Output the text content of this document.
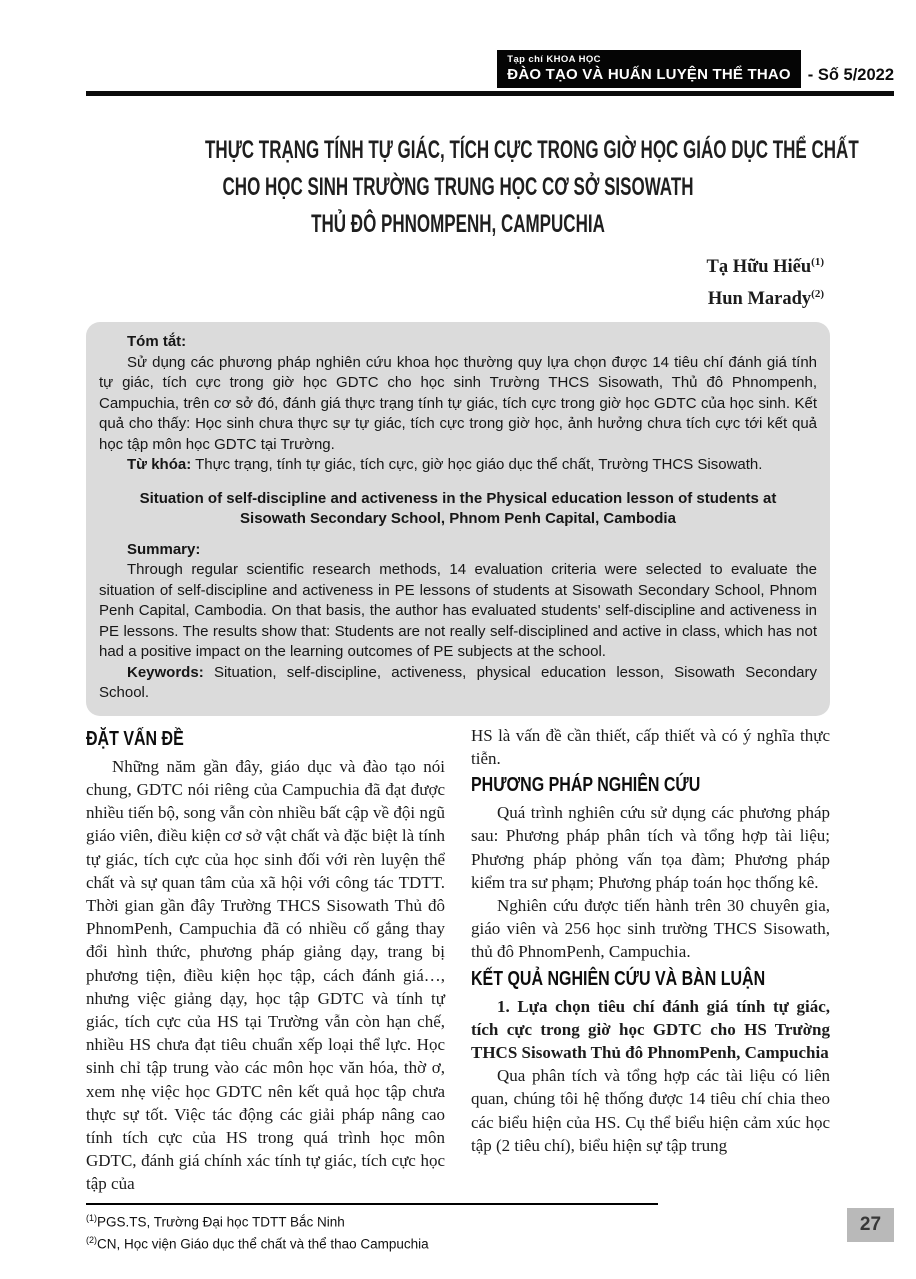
Tạp chí KHOA HỌC
ĐÀO TẠO VÀ HUẤN LUYỆN THỂ THAO - Số 5/2022
THỰC TRẠNG TÍNH TỰ GIÁC, TÍCH CỰC TRONG GIỜ HỌC GIÁO DỤC THỂ CHẤT
CHO HỌC SINH TRƯỜNG TRUNG HỌC CƠ SỞ SISOWATH
THỦ ĐÔ PHNOMPENH, CAMPUCHIA
Tạ Hữu Hiếu$^{(1)}$
Hun Marady$^{(2)}$

Tóm tắt:

Sử dụng các phương pháp nghiên cứu khoa học thường quy lựa chọn được 14 tiêu chí đánh giá tính tự giác, tích cực trong giờ học GDTC cho học sinh Trường THCS Sisowath, Thủ đô Phnompenh, Campuchia, trên cơ sở đó, đánh giá thực trạng tính tự giác, tích cực trong giờ học GDTC của học sinh. Kết quả cho thấy: Học sinh chưa thực sự tự giác, tích cực trong giờ học, ảnh hưởng chưa tích cực tới kết quả học tập môn học GDTC tại Trường.

Từ khóa: Thực trạng, tính tự giác, tích cực, giờ học giáo dục thể chất, Trường THCS Sisowath.

Situation of self-discipline and activeness in the Physical education lesson of students at Sisowath Secondary School, Phnom Penh Capital, Cambodia

Summary:

Through regular scientific research methods, 14 evaluation criteria were selected to evaluate the situation of self-discipline and activeness in PE lessons of students at Sisowath Secondary School, Phnom Penh Capital, Cambodia. On that basis, the author has evaluated students' self-discipline and activeness in PE lessons. The results show that: Students are not really self-disciplined and active in class, which has not had a positive impact on the learning outcomes of PE subjects at the school.

Keywords: Situation, self-discipline, activeness, physical education lesson, Sisowath Secondary School.

ĐẶT VẤN ĐỀ

Những năm gần đây, giáo dục và đào tạo nói chung, GDTC nói riêng của Campuchia đã đạt được nhiều tiến bộ, song vẫn còn nhiều bất cập về đội ngũ giáo viên, điều kiện cơ sở vật chất và đặc biệt là tính tự giác, tích cực của học sinh đối với rèn luyện thể chất và sự quan tâm của xã hội với công tác TDTT. Thời gian gần đây Trường THCS Sisowath Thủ đô PhnomPenh, Campuchia đã có nhiều cố gắng thay đổi hình thức, phương pháp giảng dạy, trang bị phương tiện, điều kiện học tập, cách đánh giá…, nhưng việc giảng dạy, học tập GDTC và tính tự giác, tích cực của HS tại Trường vẫn còn hạn chế, nhiều HS chưa đạt tiêu chuẩn xếp loại thể lực. Học sinh chỉ tập trung vào các môn học văn hóa, thờ ơ, xem nhẹ việc học GDTC nên kết quả học tập chưa thực sự tốt. Việc tác động các giải pháp nâng cao tính tích cực của HS trong quá trình học môn GDTC, đánh giá chính xác tính tự giác, tích cực học tập của

HS là vấn đề cần thiết, cấp thiết và có ý nghĩa thực tiễn.

PHƯƠNG PHÁP NGHIÊN CỨU

Quá trình nghiên cứu sử dụng các phương pháp sau: Phương pháp phân tích và tổng hợp tài liệu; Phương pháp phỏng vấn tọa đàm; Phương pháp kiểm tra sư phạm; Phương pháp toán học thống kê.

Nghiên cứu được tiến hành trên 30 chuyên gia, giáo viên và 256 học sinh trường THCS Sisowath, thủ đô PhnomPenh, Campuchia.

KẾT QUẢ NGHIÊN CỨU VÀ BÀN LUẬN

1. Lựa chọn tiêu chí đánh giá tính tự giác, tích cực trong giờ học GDTC cho HS Trường THCS Sisowath Thủ đô PhnomPenh, Campuchia

Qua phân tích và tổng hợp các tài liệu có liên quan, chúng tôi hệ thống được 14 tiêu chí chia theo các biểu hiện của HS. Cụ thể biểu hiện cảm xúc học tập (2 tiêu chí), biểu hiện sự tập trung

$^{(1)}$PGS.TS, Trường Đại học TDTT Bắc Ninh
$^{(2)}$CN, Học viện Giáo dục thể chất và thể thao Campuchia
27
